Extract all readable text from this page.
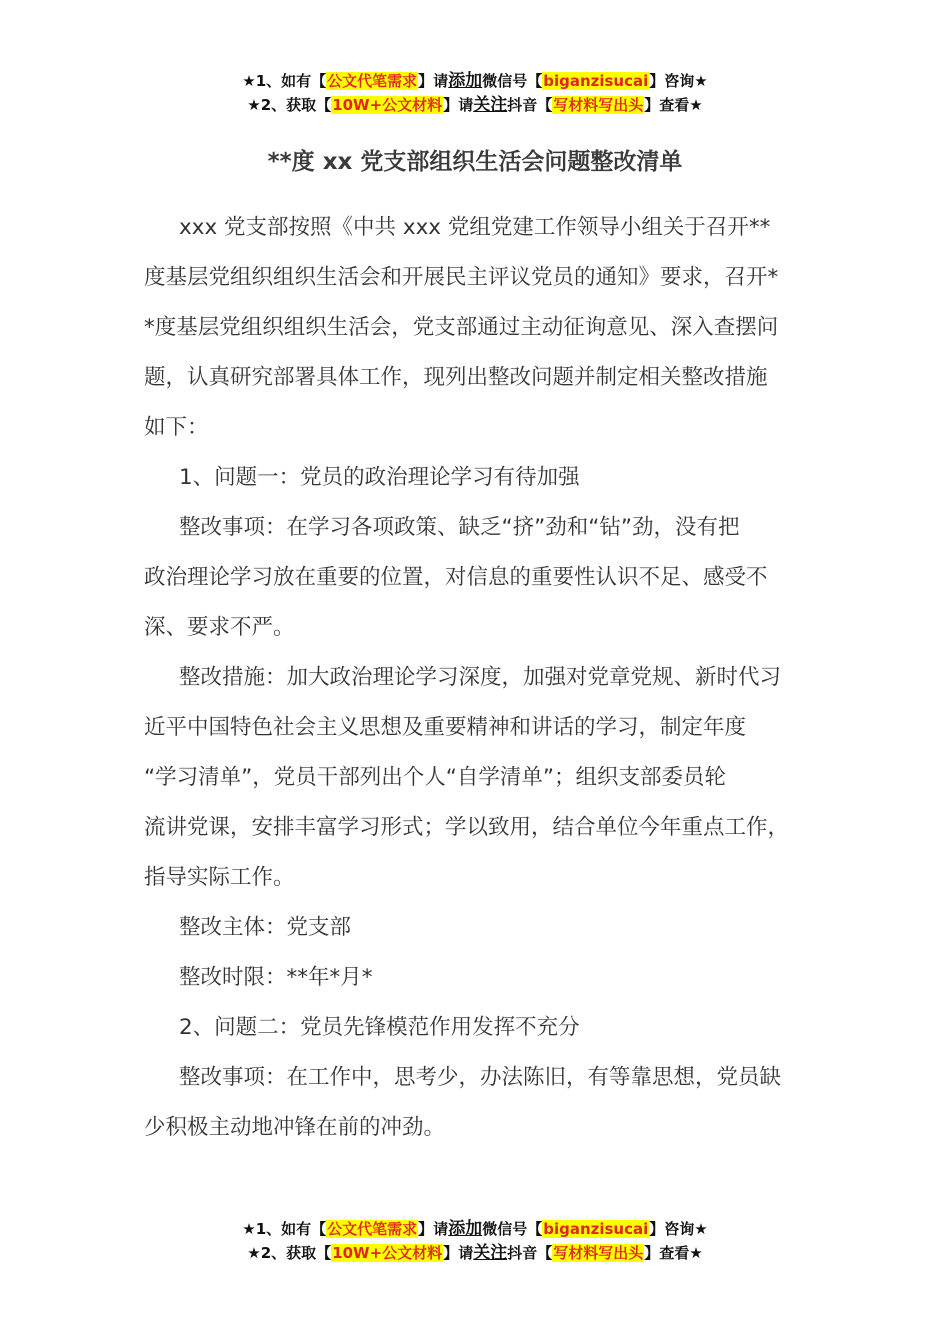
★1、如有【公文代笔需求】请添加微信号【biganzisucai】咨询★
★2、获取【10W+公文材料】请关注抖音【写材料写出头】查看★
**度 xx 党支部组织生活会问题整改清单

xxx 党支部按照《中共 xxx 党组党建工作领导小组关于召开**

度基层党组织组织生活会和开展民主评议党员的通知》要求，召开*
*度基层党组织组织生活会，党支部通过主动征询意见、深入查摆问
题，认真研究部署具体工作，现列出整改问题并制定相关整改措施
如下：

1、问题一：党员的政治理论学习有待加强

整改事项：在学习各项政策、缺乏“挤”劲和“钻”劲，没有把

政治理论学习放在重要的位置，对信息的重要性认识不足、感受不
深、要求不严。

整改措施：加大政治理论学习深度，加强对党章党规、新时代习

近平中国特色社会主义思想及重要精神和讲话的学习，制定年度
“学习清单”，党员干部列出个人“自学清单”；组织支部委员轮
流讲党课，安排丰富学习形式；学以致用，结合单位今年重点工作，
指导实际工作。

整改主体：党支部

整改时限：**年*月*

2、问题二：党员先锋模范作用发挥不充分

整改事项：在工作中，思考少，办法陈旧，有等靠思想，党员缺

少积极主动地冲锋在前的冲劲。

★1、如有【公文代笔需求】请添加微信号【biganzisucai】咨询★
★2、获取【10W+公文材料】请关注抖音【写材料写出头】查看★
